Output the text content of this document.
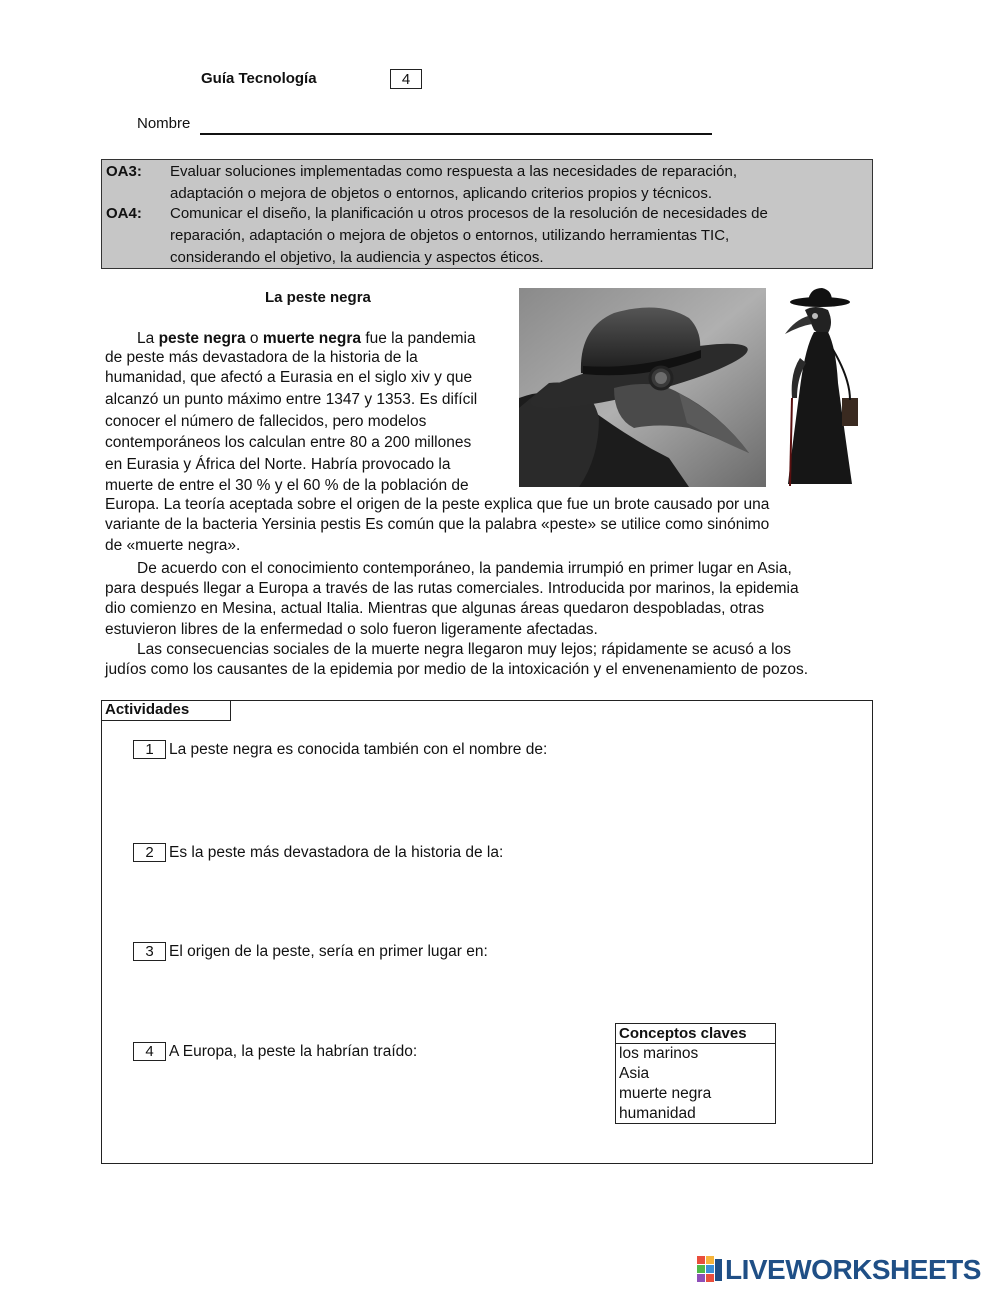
Guía Tecnología	4
Nombre
OA3: Evaluar soluciones implementadas como respuesta a las necesidades de reparación,
adaptación o mejora de objetos o entornos, aplicando criterios propios y técnicos.
OA4: Comunicar el diseño, la planificación u otros procesos de la resolución de necesidades de
reparación, adaptación o mejora de objetos o entornos, utilizando herramientas TIC,
considerando el objetivo, la audiencia y aspectos éticos.
La peste negra
La peste negra o muerte negra fue la pandemia
de peste más devastadora de la historia de la
humanidad, que afectó a Eurasia en el siglo xiv y que
alcanzó un punto máximo entre 1347 y 1353. Es difícil
conocer el número de fallecidos, pero modelos
contemporáneos los calculan entre 80 a 200 millones
en Eurasia y África del Norte. Habría provocado la
muerte de entre el 30 % y el 60 % de la población de
Europa. La teoría aceptada sobre el origen de la peste explica que fue un brote causado por una
variante de la bacteria Yersinia pestis Es común que la palabra «peste» se utilice como sinónimo
de «muerte negra».
De acuerdo con el conocimiento contemporáneo, la pandemia irrumpió en primer lugar en Asia,
para después llegar a Europa a través de las rutas comerciales. Introducida por marinos, la epidemia
dio comienzo en Mesina, actual Italia. Mientras que algunas áreas quedaron despobladas, otras
estuvieron libres de la enfermedad o solo fueron ligeramente afectadas.
Las consecuencias sociales de la muerte negra llegaron muy lejos; rápidamente se acusó a los
judíos como los causantes de la epidemia por medio de la intoxicación y el envenenamiento de pozos.
Actividades
1 La peste negra es conocida también con el nombre de:
2 Es la peste más devastadora de la historia de la:
3 El origen de la peste, sería en primer lugar en:
4 A Europa, la peste la habrían traído:
Conceptos claves
los marinos
Asia
muerte negra
humanidad
LIVEWORKSHEETS
